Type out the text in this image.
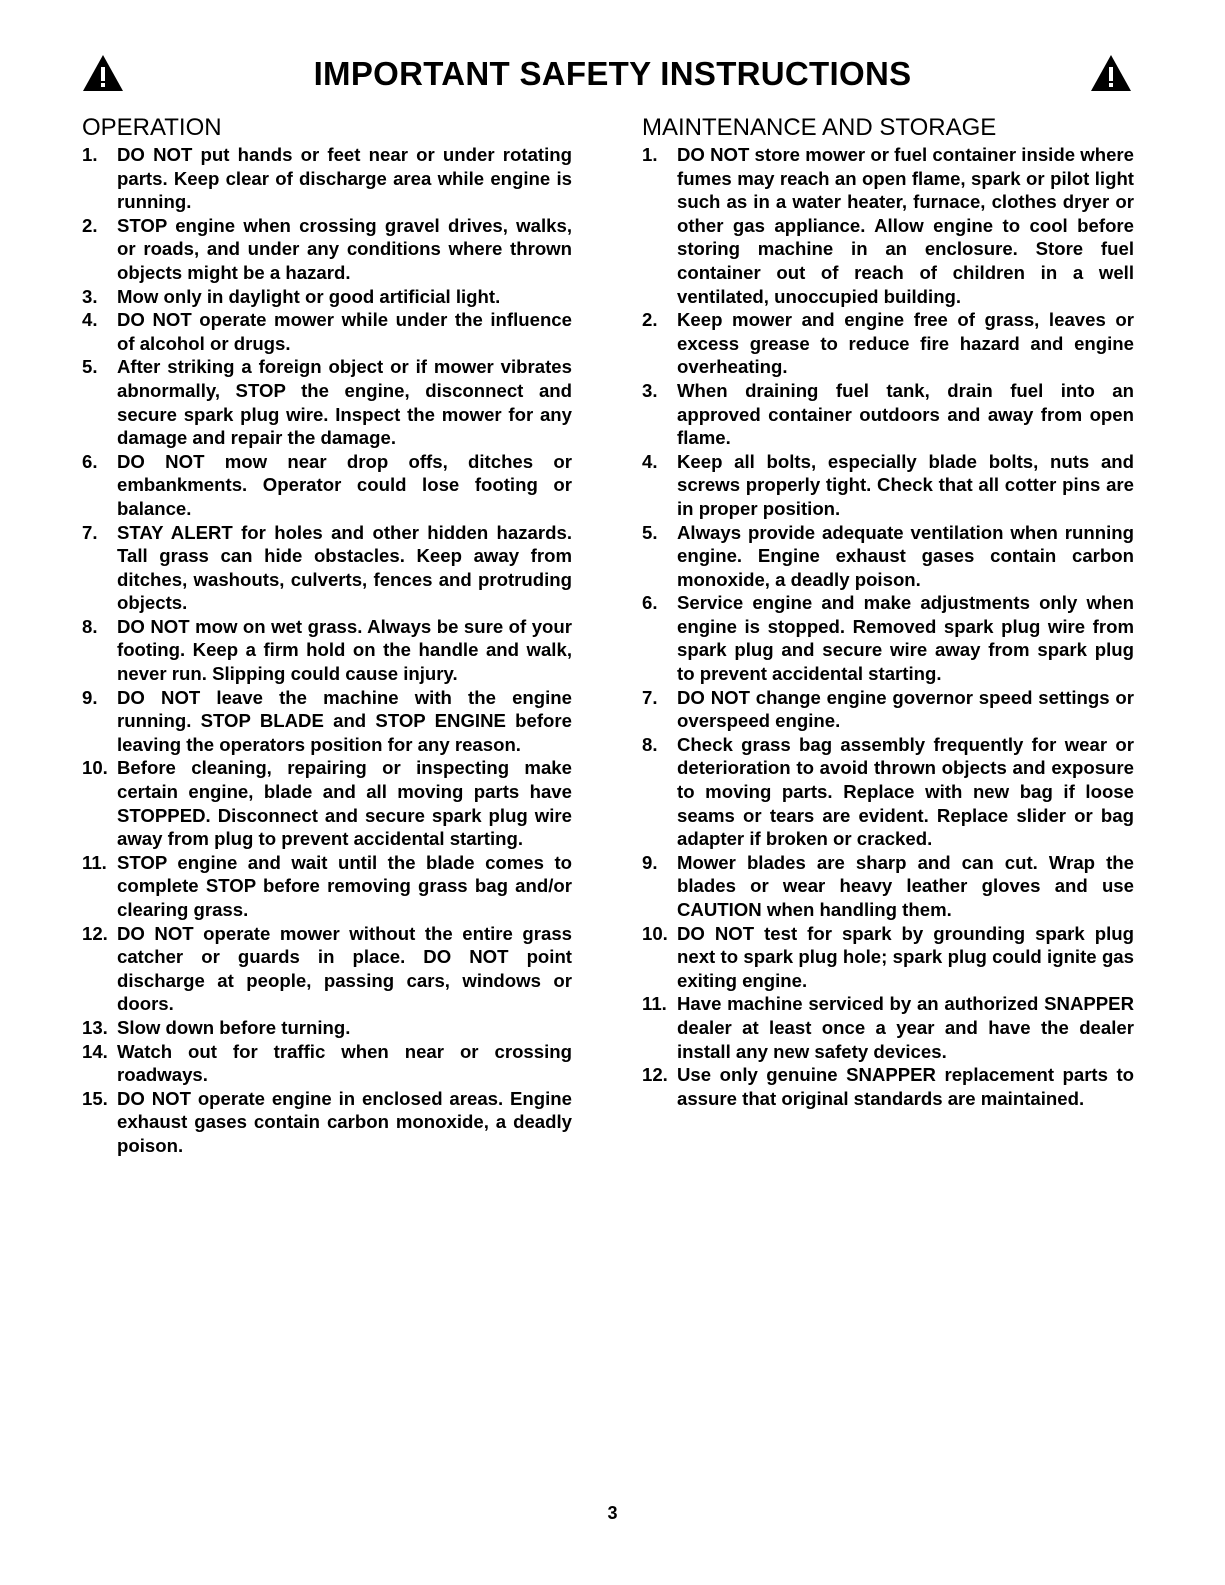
IMPORTANT SAFETY INSTRUCTIONS
OPERATION
1. DO NOT put hands or feet near or under rotating parts. Keep clear of discharge area while engine is running.
2. STOP engine when crossing gravel drives, walks, or roads, and under any conditions where thrown objects might be a hazard.
3. Mow only in daylight or good artificial light.
4. DO NOT operate mower while under the influence of alcohol or drugs.
5. After striking a foreign object or if mower vibrates abnormally, STOP the engine, disconnect and secure spark plug wire. Inspect the mower for any damage and repair the damage.
6. DO NOT mow near drop offs, ditches or embankments. Operator could lose footing or balance.
7. STAY ALERT for holes and other hidden hazards. Tall grass can hide obstacles. Keep away from ditches, washouts, culverts, fences and protruding objects.
8. DO NOT mow on wet grass. Always be sure of your footing. Keep a firm hold on the handle and walk, never run. Slipping could cause injury.
9. DO NOT leave the machine with the engine running. STOP BLADE and STOP ENGINE before leaving the operators position for any reason.
10. Before cleaning, repairing or inspecting make certain engine, blade and all moving parts have STOPPED. Disconnect and secure spark plug wire away from plug to prevent accidental starting.
11. STOP engine and wait until the blade comes to complete STOP before removing grass bag and/or clearing grass.
12. DO NOT operate mower without the entire grass catcher or guards in place. DO NOT point discharge at people, passing cars, windows or doors.
13. Slow down before turning.
14. Watch out for traffic when near or crossing roadways.
15. DO NOT operate engine in enclosed areas. Engine exhaust gases contain carbon monoxide, a deadly poison.
MAINTENANCE AND STORAGE
1. DO NOT store mower or fuel container inside where fumes may reach an open flame, spark or pilot light such as in a water heater, furnace, clothes dryer or other gas appliance. Allow engine to cool before storing machine in an enclosure. Store fuel container out of reach of children in a well ventilated, unoccupied building.
2. Keep mower and engine free of grass, leaves or excess grease to reduce fire hazard and engine overheating.
3. When draining fuel tank, drain fuel into an approved container outdoors and away from open flame.
4. Keep all bolts, especially blade bolts, nuts and screws properly tight. Check that all cotter pins are in proper position.
5. Always provide adequate ventilation when running engine. Engine exhaust gases contain carbon monoxide, a deadly poison.
6. Service engine and make adjustments only when engine is stopped. Removed spark plug wire from spark plug and secure wire away from spark plug to prevent accidental starting.
7. DO NOT change engine governor speed settings or overspeed engine.
8. Check grass bag assembly frequently for wear or deterioration to avoid thrown objects and exposure to moving parts. Replace with new bag if loose seams or tears are evident. Replace slider or bag adapter if broken or cracked.
9. Mower blades are sharp and can cut. Wrap the blades or wear heavy leather gloves and use CAUTION when handling them.
10. DO NOT test for spark by grounding spark plug next to spark plug hole; spark plug could ignite gas exiting engine.
11. Have machine serviced by an authorized SNAPPER dealer at least once a year and have the dealer install any new safety devices.
12. Use only genuine SNAPPER replacement parts to assure that original standards are maintained.
3
